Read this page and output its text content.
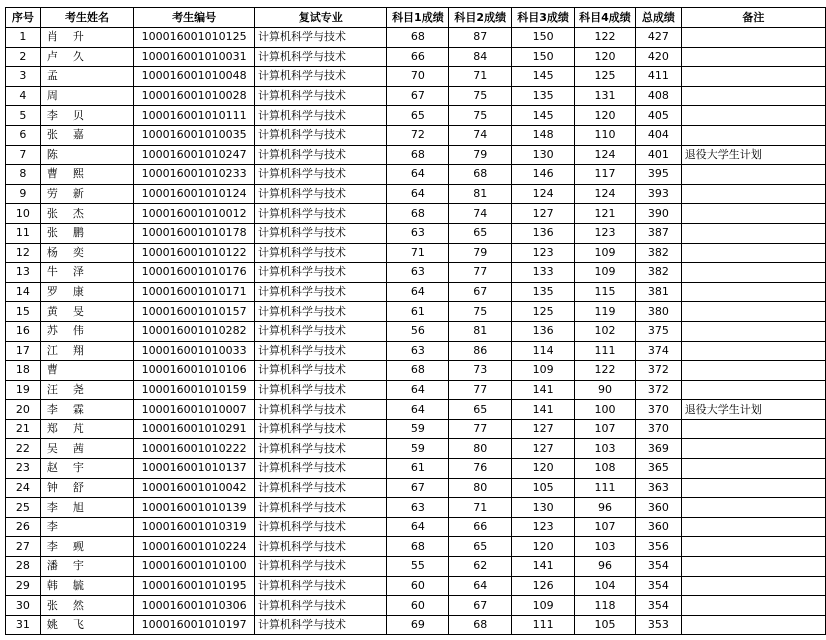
序号	考生姓名	考生编号	复试专业	科目1成绩	科目2成绩	科目3成绩	科目4成绩	总成绩	备注
1	肖 升	100016001010125	计算机科学与技术	68	87	150	122	427	
2	卢 久	100016001010031	计算机科学与技术	66	84	150	120	420	
3	孟	100016001010048	计算机科学与技术	70	71	145	125	411	
4	周	100016001010028	计算机科学与技术	67	75	135	131	408	
5	李 贝	100016001010111	计算机科学与技术	65	75	145	120	405	
6	张 嘉	100016001010035	计算机科学与技术	72	74	148	110	404	
7	陈	100016001010247	计算机科学与技术	68	79	130	124	401	退役大学生计划
8	曹 熙	100016001010233	计算机科学与技术	64	68	146	117	395	
9	劳 新	100016001010124	计算机科学与技术	64	81	124	124	393	
10	张 杰	100016001010012	计算机科学与技术	68	74	127	121	390	
11	张 鹏	100016001010178	计算机科学与技术	63	65	136	123	387	
12	杨 奕	100016001010122	计算机科学与技术	71	79	123	109	382	
13	牛 泽	100016001010176	计算机科学与技术	63	77	133	109	382	
14	罗 康	100016001010171	计算机科学与技术	64	67	135	115	381	
15	黄 旻	100016001010157	计算机科学与技术	61	75	125	119	380	
16	苏 伟	100016001010282	计算机科学与技术	56	81	136	102	375	
17	江 翔	100016001010033	计算机科学与技术	63	86	114	111	374	
18	曹	100016001010106	计算机科学与技术	68	73	109	122	372	
19	汪 尧	100016001010159	计算机科学与技术	64	77	141	90	372	
20	李 霖	100016001010007	计算机科学与技术	64	65	141	100	370	退役大学生计划
21	郑 芃	100016001010291	计算机科学与技术	59	77	127	107	370	
22	吴 茜	100016001010222	计算机科学与技术	59	80	127	103	369	
23	赵 宇	100016001010137	计算机科学与技术	61	76	120	108	365	
24	钟 舒	100016001010042	计算机科学与技术	67	80	105	111	363	
25	李 旭	100016001010139	计算机科学与技术	63	71	130	96	360	
26	李	100016001010319	计算机科学与技术	64	66	123	107	360	
27	李 觋	100016001010224	计算机科学与技术	68	65	120	103	356	
28	潘 宇	100016001010100	计算机科学与技术	55	62	141	96	354	
29	韩 毓	100016001010195	计算机科学与技术	60	64	126	104	354	
30	张 然	100016001010306	计算机科学与技术	60	67	109	118	354	
31	姚 飞	100016001010197	计算机科学与技术	69	68	111	105	353	
